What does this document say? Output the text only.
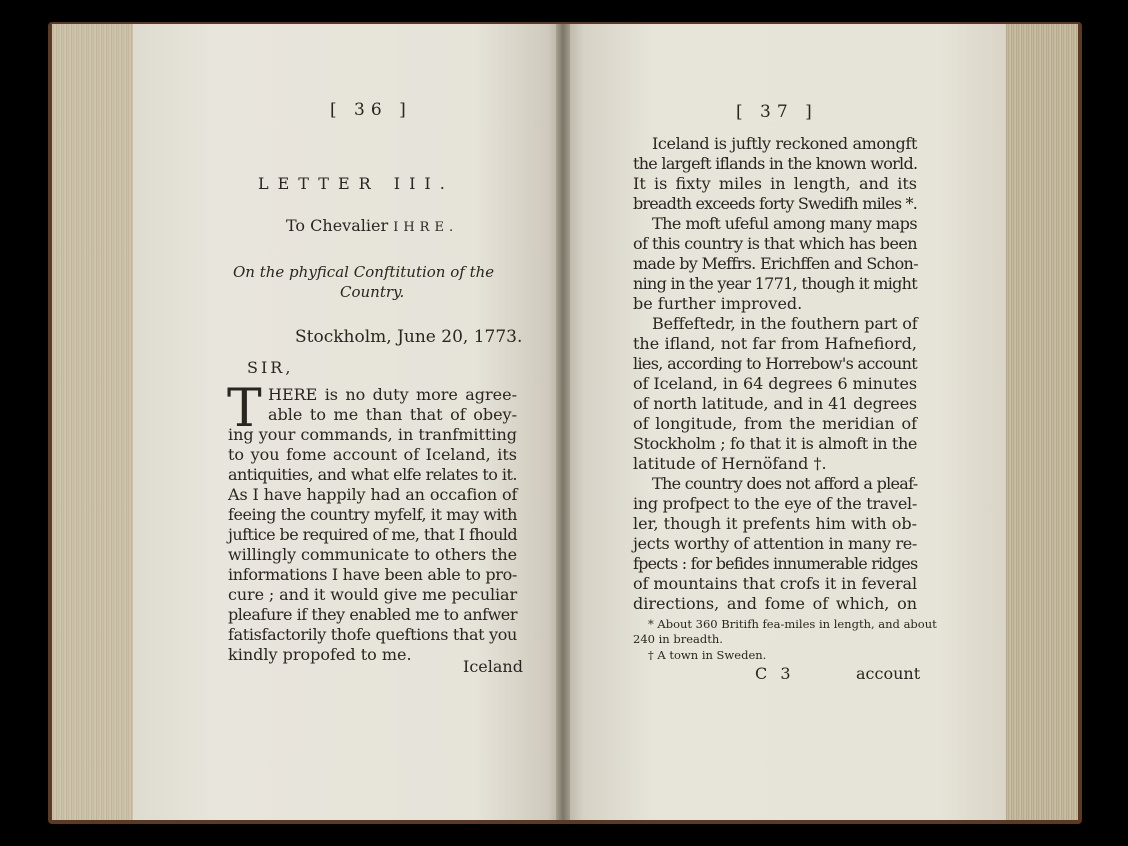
[ 36 ]
LETTER III.
To Chevalier IHRE.
On the phyfical Conftitution of the
Country.
Stockholm, June 20, 1773.
SIR,
T HERE is no duty more agree-
able to me than that of obey-
ing your commands, in tranfmitting
to you fome account of Iceland, its
antiquities, and what elfe relates to it.
As I have happily had an occafion of
feeing the country myfelf, it may with
juftice be required of me, that I fhould
willingly communicate to others the
informations I have been able to pro-
cure ; and it would give me peculiar
pleafure if they enabled me to anfwer
fatisfactorily thofe queftions that you
kindly propofed to me.
Iceland
[ 37 ]
Iceland is juftly reckoned amongft
the largeft iflands in the known world.
It is fixty miles in length, and its
breadth exceeds forty Swedifh miles *.
The moft ufeful among many maps
of this country is that which has been
made by Meffrs. Erichffen and Schon-
ning in the year 1771, though it might
be further improved.
Beffeftedr, in the fouthern part of
the ifland, not far from Hafnefiord,
lies, according to Horrebow's account
of Iceland, in 64 degrees 6 minutes
of north latitude, and in 41 degrees
of longitude, from the meridian of
Stockholm ; fo that it is almoft in the
latitude of Hernöfand †.
The country does not afford a pleaf-
ing profpect to the eye of the travel-
ler, though it prefents him with ob-
jects worthy of attention in many re-
fpects : for befides innumerable ridges
of mountains that crofs it in feveral
directions, and fome of which, on
* About 360 Britifh fea-miles in length, and about
240 in breadth.
† A town in Sweden.
C 3	account
